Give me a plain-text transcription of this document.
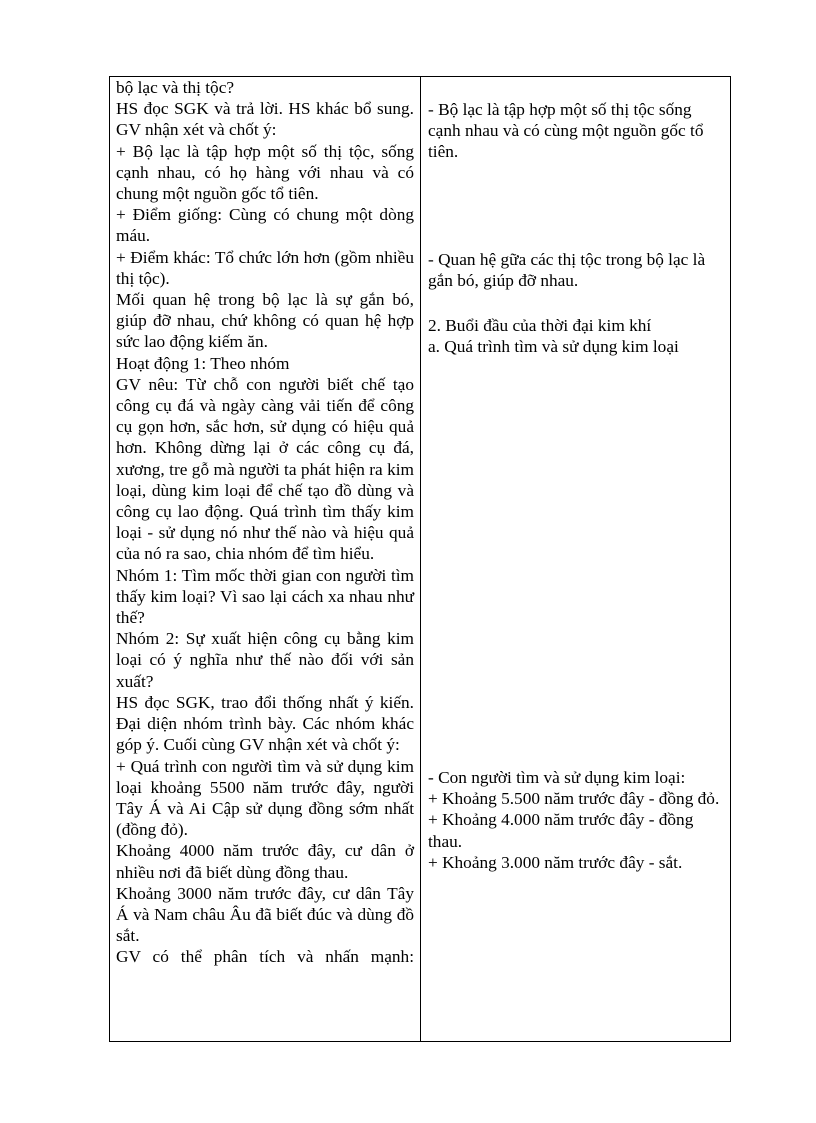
bộ lạc và thị tộc?

HS đọc SGK và trả lời. HS khác bổ sung. GV nhận xét và chốt ý:

+ Bộ lạc là tập hợp một số thị tộc, sống cạnh nhau, có họ hàng với nhau và có chung một nguồn gốc tổ tiên.

+ Điểm giống: Cùng có chung một dòng máu.

+ Điểm khác: Tổ chức lớn hơn (gồm nhiều thị tộc).

Mối quan hệ trong bộ lạc là sự gắn bó, giúp đỡ nhau, chứ không có quan hệ hợp sức lao động kiếm ăn.

Hoạt động 1: Theo nhóm

GV nêu: Từ chỗ con người biết chế tạo công cụ đá và ngày càng vải tiến để công cụ gọn hơn, sắc hơn, sử dụng có hiệu quả hơn. Không dừng lại ở các công cụ đá, xương, tre gỗ mà người ta phát hiện ra kim loại, dùng kim loại để chế tạo đồ dùng và công cụ lao động. Quá trình tìm thấy kim loại - sử dụng nó như thế nào và hiệu quả của nó ra sao, chia nhóm để tìm hiểu.

Nhóm 1: Tìm mốc thời gian con người tìm thấy kim loại? Vì sao lại cách xa nhau như thế?

Nhóm 2: Sự xuất hiện công cụ bằng kim loại có ý nghĩa như thế nào đối với sản xuất?

HS đọc SGK, trao đổi thống nhất ý kiến. Đại diện nhóm trình bày. Các nhóm khác góp ý. Cuối cùng GV nhận xét và chốt ý:

+ Quá trình con người tìm và sử dụng kim loại khoảng 5500 năm trước đây, người Tây Á và Ai Cập sử dụng đồng sớm nhất (đồng đỏ).

Khoảng 4000 năm trước đây, cư dân ở nhiều nơi đã biết dùng đồng thau.

Khoảng 3000 năm trước đây, cư dân Tây Á và Nam châu Âu đã biết đúc và dùng đồ sắt.

GV có thể phân tích và nhấn mạnh:

- Bộ lạc là tập hợp một số thị tộc sống cạnh nhau và có cùng một nguồn gốc tổ tiên.

- Quan hệ gữa các thị tộc trong bộ lạc là gắn bó, giúp đỡ nhau.

2. Buổi đầu của thời đại kim khí

a. Quá trình tìm và sử dụng kim loại

- Con người tìm và sử dụng kim loại:

+ Khoảng 5.500 năm trước đây - đồng đỏ.

+ Khoảng 4.000 năm trước đây - đồng thau.

+ Khoảng 3.000 năm trước đây - sắt.
